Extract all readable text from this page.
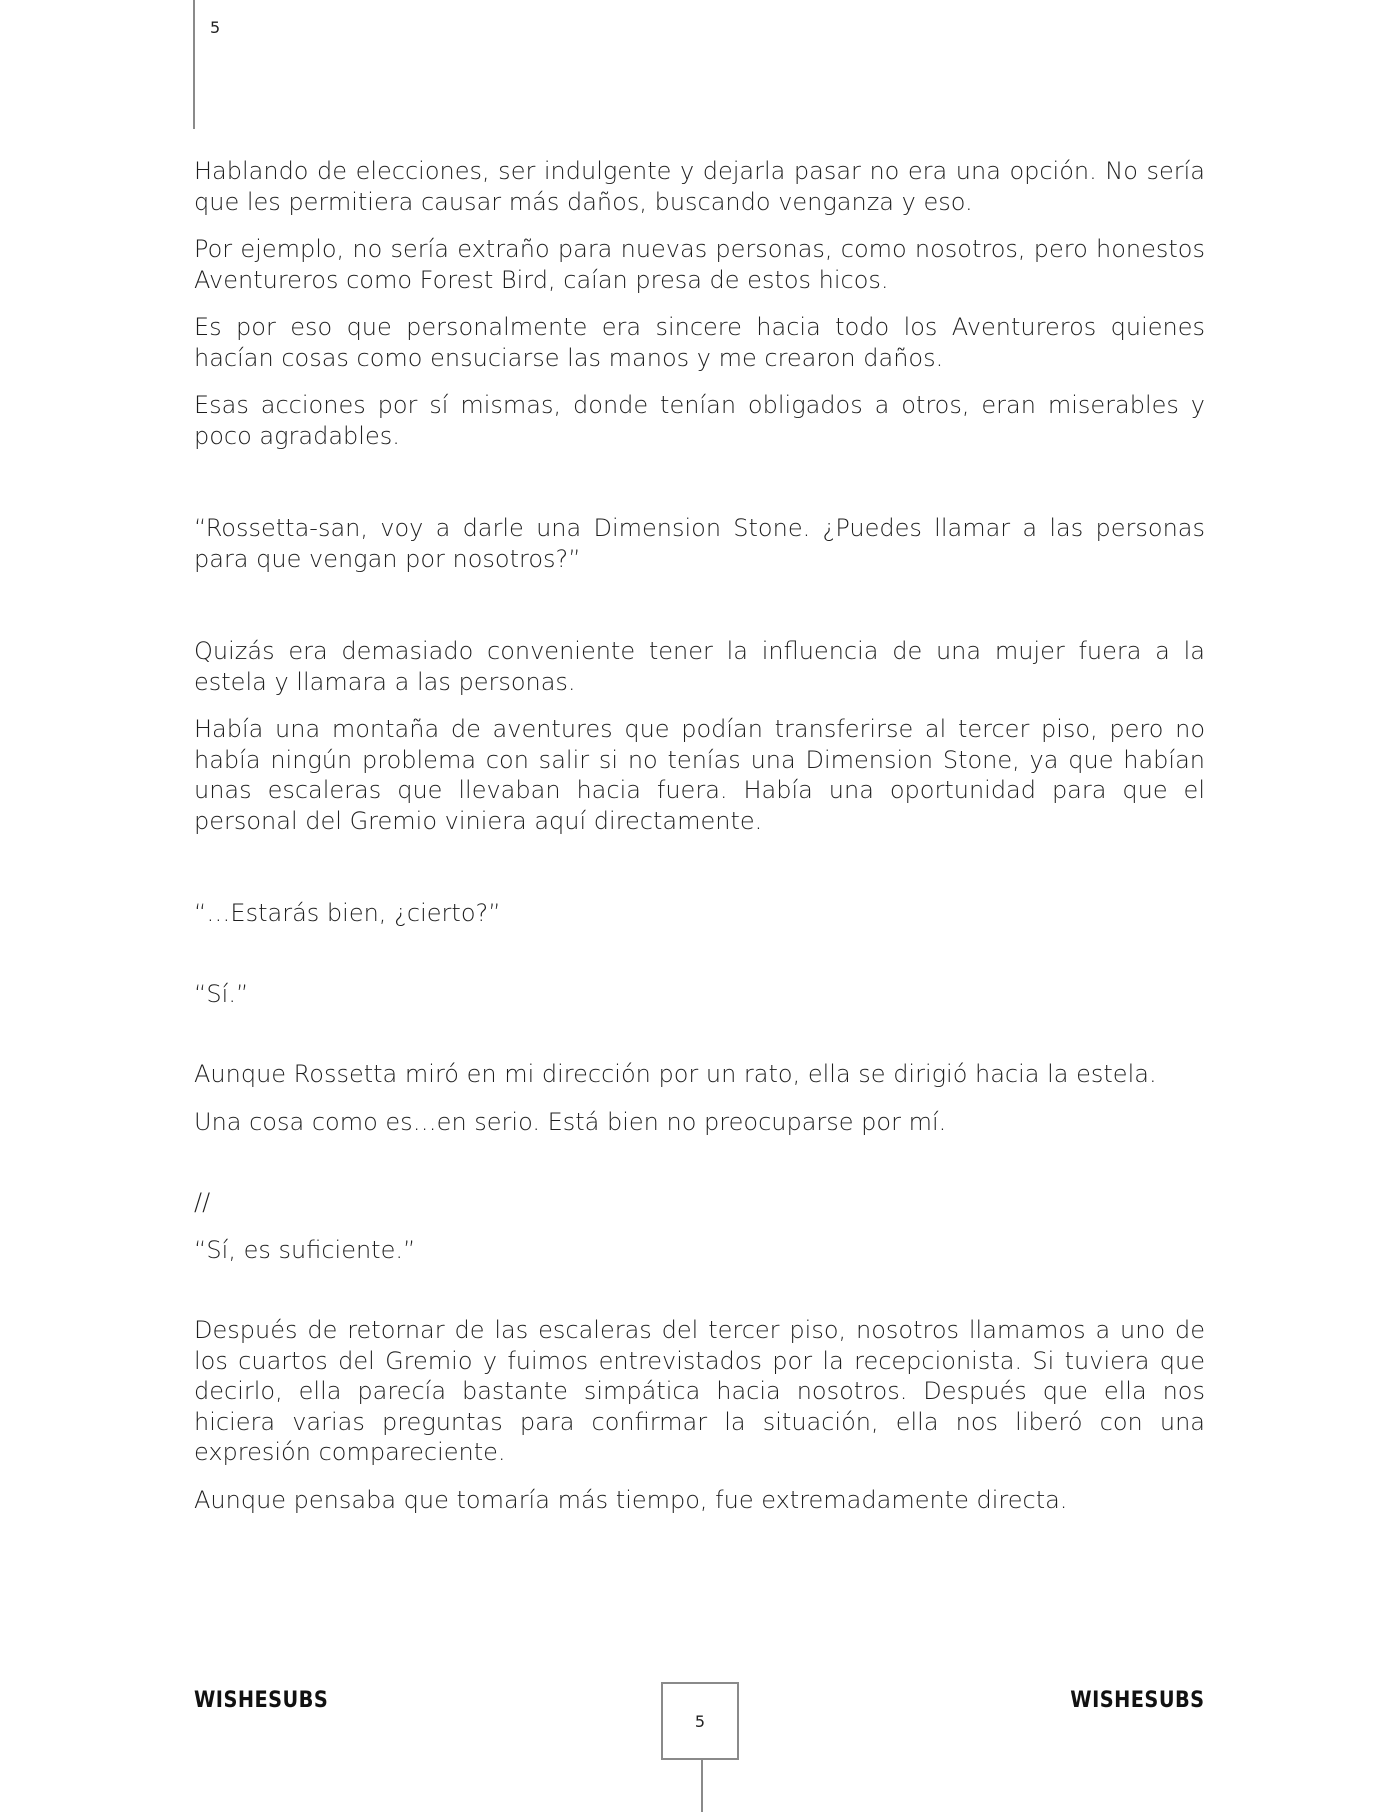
5

Hablando de elecciones, ser indulgente y dejarla pasar no era una opción. No sería que les permitiera causar más daños, buscando venganza y eso.

Por ejemplo, no sería extraño para nuevas personas, como nosotros, pero honestos Aventureros como Forest Bird, caían presa de estos hicos.

Es por eso que personalmente era sincere hacia todo los Aventureros quienes hacían cosas como ensuciarse las manos y me crearon daños.

Esas acciones por sí mismas, donde tenían obligados a otros, eran miserables y poco agradables.

“Rossetta-san, voy a darle una Dimension Stone. ¿Puedes llamar a las personas para que vengan por nosotros?”

Quizás era demasiado conveniente tener la influencia de una mujer fuera a la estela y llamara a las personas.

Había una montaña de aventures que podían transferirse al tercer piso, pero no había ningún problema con salir si no tenías una Dimension Stone, ya que habían unas escaleras que llevaban hacia fuera. Había una oportunidad para que el personal del Gremio viniera aquí directamente.

“…Estarás bien, ¿cierto?”

“Sí.”

Aunque Rossetta miró en mi dirección por un rato, ella se dirigió hacia la estela.

Una cosa como es…en serio. Está bien no preocuparse por mí.

//

“Sí, es suficiente.”

Después de retornar de las escaleras del tercer piso, nosotros llamamos a uno de los cuartos del Gremio y fuimos entrevistados por la recepcionista. Si tuviera que decirlo, ella parecía bastante simpática hacia nosotros. Después que ella nos hiciera varias preguntas para confirmar la situación, ella nos liberó con una expresión compareciente.

Aunque pensaba que tomaría más tiempo, fue extremadamente directa.

WISHESUBS	WISHESUBS
5
